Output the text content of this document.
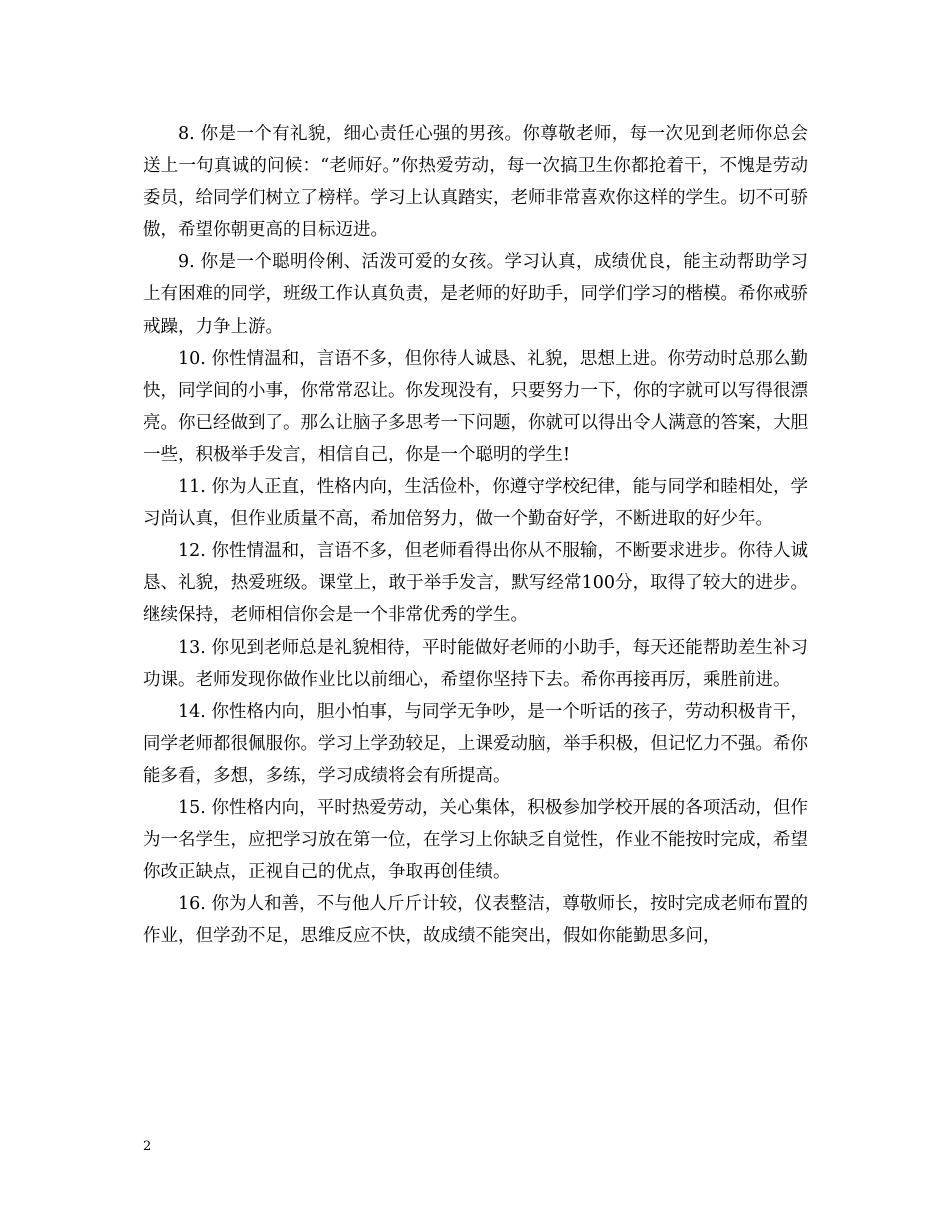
8. 你是一个有礼貌，细心责任心强的男孩。你尊敬老师，每一次见到老师你总会送上一句真诚的问候：“老师好。”你热爱劳动，每一次搞卫生你都抢着干，不愧是劳动委员，给同学们树立了榜样。学习上认真踏实，老师非常喜欢你这样的学生。切不可骄傲，希望你朝更高的目标迈进。

9. 你是一个聪明伶俐、活泼可爱的女孩。学习认真，成绩优良，能主动帮助学习上有困难的同学，班级工作认真负责，是老师的好助手，同学们学习的楷模。希你戒骄戒躁，力争上游。

10. 你性情温和，言语不多，但你待人诚恳、礼貌，思想上进。你劳动时总那么勤快，同学间的小事，你常常忍让。你发现没有，只要努力一下，你的字就可以写得很漂亮。你已经做到了。那么让脑子多思考一下问题，你就可以得出令人满意的答案，大胆一些，积极举手发言，相信自己，你是一个聪明的学生!

11. 你为人正直，性格内向，生活俭朴，你遵守学校纪律，能与同学和睦相处，学习尚认真，但作业质量不高，希加倍努力，做一个勤奋好学，不断进取的好少年。

12. 你性情温和，言语不多，但老师看得出你从不服输，不断要求进步。你待人诚恳、礼貌，热爱班级。课堂上，敢于举手发言，默写经常100分，取得了较大的进步。继续保持，老师相信你会是一个非常优秀的学生。

13. 你见到老师总是礼貌相待，平时能做好老师的小助手，每天还能帮助差生补习功课。老师发现你做作业比以前细心，希望你坚持下去。希你再接再厉，乘胜前进。

14. 你性格内向，胆小怕事，与同学无争吵，是一个听话的孩子，劳动积极肯干，同学老师都很佩服你。学习上学劲较足，上课爱动脑，举手积极，但记忆力不强。希你能多看，多想，多练，学习成绩将会有所提高。

15. 你性格内向，平时热爱劳动，关心集体，积极参加学校开展的各项活动，但作为一名学生，应把学习放在第一位，在学习上你缺乏自觉性，作业不能按时完成，希望你改正缺点，正视自己的优点，争取再创佳绩。

16. 你为人和善，不与他人斤斤计较，仪表整洁，尊敬师长，按时完成老师布置的作业，但学劲不足，思维反应不快，故成绩不能突出，假如你能勤思多问，

2
